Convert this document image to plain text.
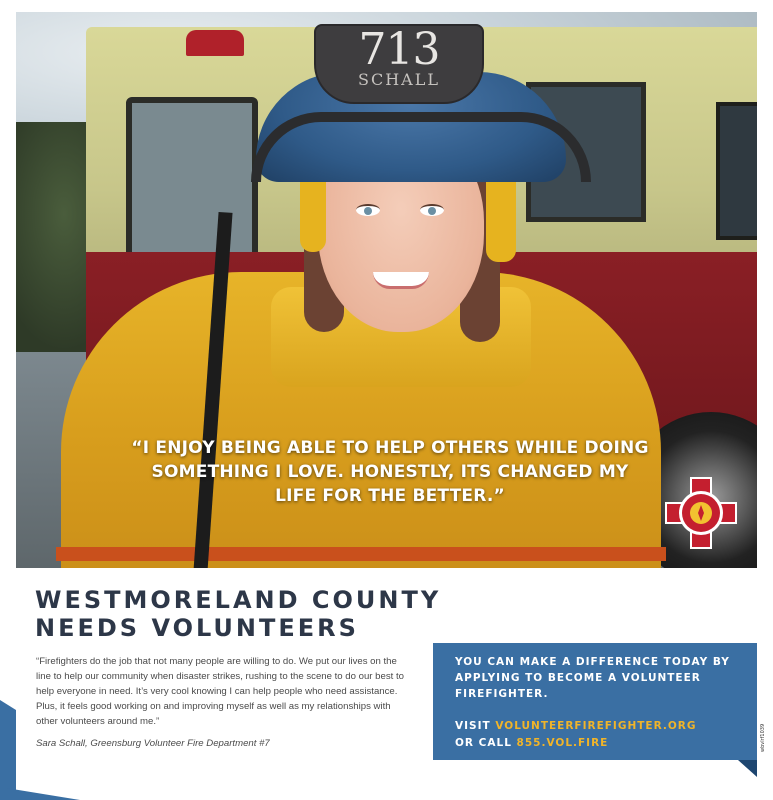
713
SCHALL
“I ENJOY BEING ABLE TO HELP OTHERS WHILE DOING SOMETHING I LOVE. HONESTLY, ITS CHANGED MY LIFE FOR THE BETTER.”
WESTMORELAND COUNTY
NEEDS VOLUNTEERS
“Firefighters do the job that not many people are willing to do. We put our lives on the line to help our community when disaster strikes, rushing to the scene to do our best to help everyone in need. It’s very cool knowing I can help people who need assistance. Plus, it feels good working on and improving myself as well as my relationships with other volunteers around me.”
Sara Schall, Greensburg Volunteer Fire Department #7
YOU CAN MAKE A DIFFERENCE TODAY BY APPLYING TO BECOME A VOLUNTEER FIREFIGHTER.
VISIT VOLUNTEERFIREFIGHTER.ORG
OR CALL 855.VOL.FIRE	wbvlrf1039
